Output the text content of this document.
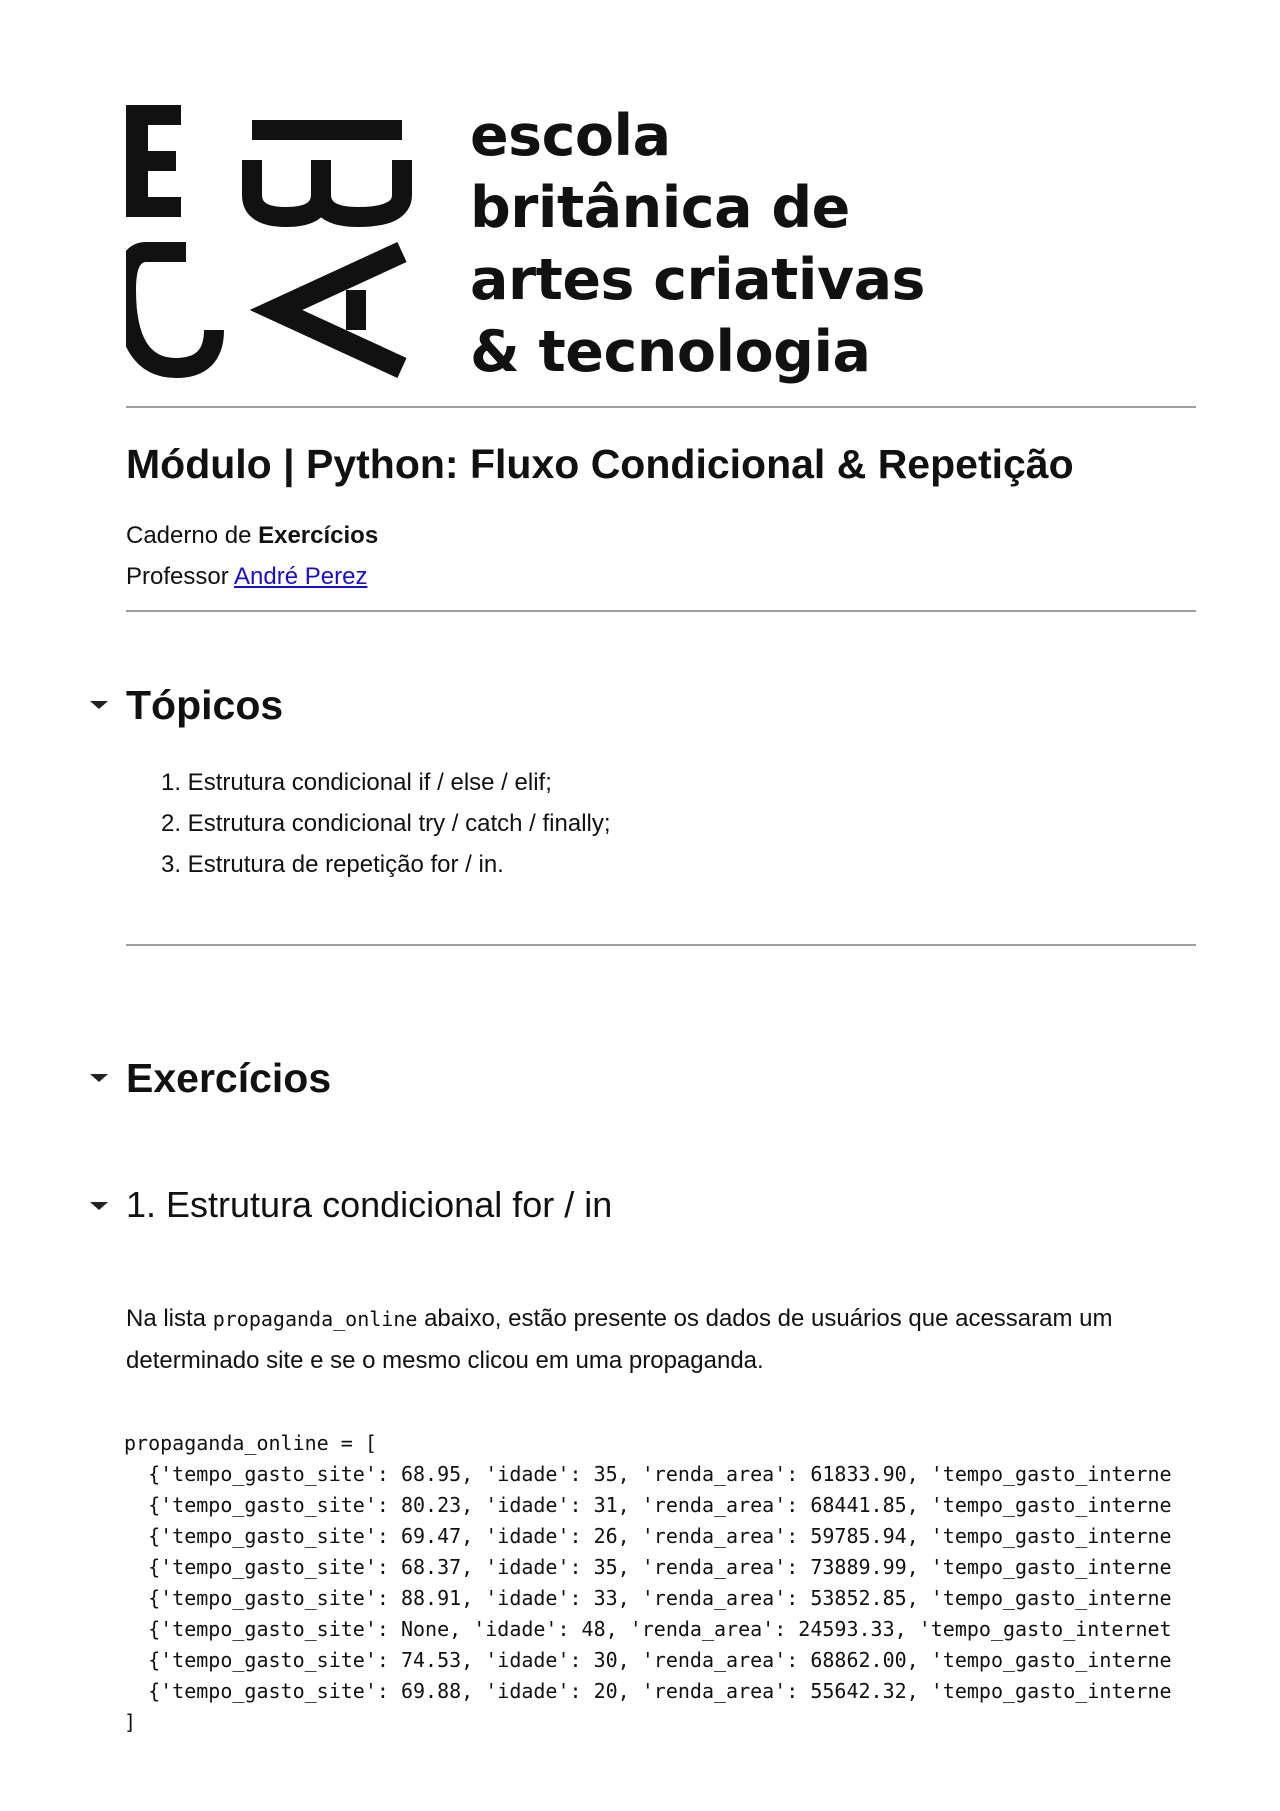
escola
britânica de
artes criativas
& tecnologia
Módulo | Python: Fluxo Condicional & Repetição
Caderno de Exercícios
Professor André Perez
Tópicos
1. Estrutura condicional if / else / elif;
2. Estrutura condicional try / catch / finally;
3. Estrutura de repetição for / in.
Exercícios
1. Estrutura condicional for / in

Na lista propaganda_online abaixo, estão presente os dados de usuários que acessaram um determinado site e se o mesmo clicou em uma propaganda.

propaganda_online = [
{'tempo_gasto_site': 68.95, 'idade': 35, 'renda_area': 61833.90, 'tempo_gasto_interne
{'tempo_gasto_site': 80.23, 'idade': 31, 'renda_area': 68441.85, 'tempo_gasto_interne
{'tempo_gasto_site': 69.47, 'idade': 26, 'renda_area': 59785.94, 'tempo_gasto_interne
{'tempo_gasto_site': 68.37, 'idade': 35, 'renda_area': 73889.99, 'tempo_gasto_interne
{'tempo_gasto_site': 88.91, 'idade': 33, 'renda_area': 53852.85, 'tempo_gasto_interne
{'tempo_gasto_site': None, 'idade': 48, 'renda_area': 24593.33, 'tempo_gasto_internet
{'tempo_gasto_site': 74.53, 'idade': 30, 'renda_area': 68862.00, 'tempo_gasto_interne
{'tempo_gasto_site': 69.88, 'idade': 20, 'renda_area': 55642.32, 'tempo_gasto_interne
]
